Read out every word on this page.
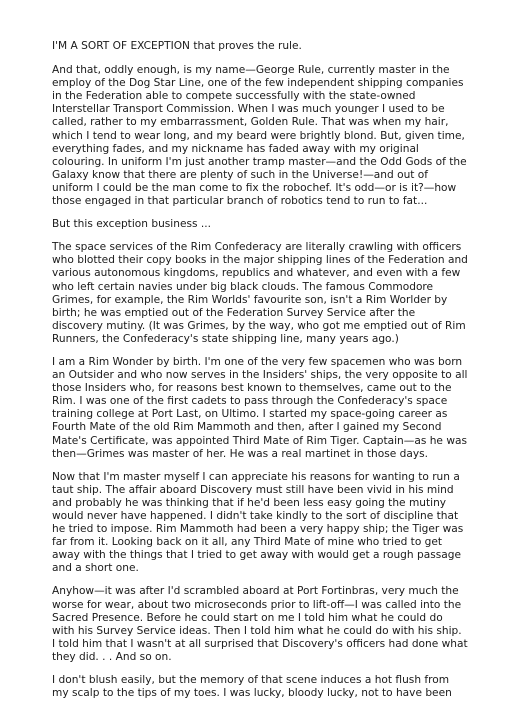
I'M A SORT OF EXCEPTION that proves the rule.

And that, oddly enough, is my name—George Rule, currently master in the employ of the Dog Star Line, one of the few independent shipping companies in the Federation able to compete successfully with the state-owned Interstellar Transport Commission. When I was much younger I used to be called, rather to my embarrassment, Golden Rule. That was when my hair, which I tend to wear long, and my beard were brightly blond. But, given time, everything fades, and my nickname has faded away with my original colouring. In uniform I'm just another tramp master—and the Odd Gods of the Galaxy know that there are plenty of such in the Universe!—and out of uniform I could be the man come to fix the robochef. It's odd—or is it?—how those engaged in that particular branch of robotics tend to run to fat...

But this exception business ...

The space services of the Rim Confederacy are literally crawling with officers who blotted their copy books in the major shipping lines of the Federation and various autonomous kingdoms, republics and whatever, and even with a few who left certain navies under big black clouds. The famous Commodore Grimes, for example, the Rim Worlds' favourite son, isn't a Rim Worlder by birth; he was emptied out of the Federation Survey Service after the discovery mutiny. (It was Grimes, by the way, who got me emptied out of Rim Runners, the Confederacy's state shipping line, many years ago.)

I am a Rim Wonder by birth. I'm one of the very few spacemen who was born an Outsider and who now serves in the Insiders' ships, the very opposite to all those Insiders who, for reasons best known to themselves, came out to the Rim. I was one of the first cadets to pass through the Confederacy's space training college at Port Last, on Ultimo. I started my space-going career as Fourth Mate of the old Rim Mammoth and then, after I gained my Second Mate's Certificate, was appointed Third Mate of Rim Tiger. Captain—as he was then—Grimes was master of her. He was a real martinet in those days.

Now that I'm master myself I can appreciate his reasons for wanting to run a taut ship. The affair aboard Discovery must still have been vivid in his mind and probably he was thinking that if he'd been less easy going the mutiny would never have happened. I didn't take kindly to the sort of discipline that he tried to impose. Rim Mammoth had been a very happy ship; the Tiger was far from it. Looking back on it all, any Third Mate of mine who tried to get away with the things that I tried to get away with would get a rough passage and a short one.

Anyhow—it was after I'd scrambled aboard at Port Fortinbras, very much the worse for wear, about two microseconds prior to lift-off—I was called into the Sacred Presence. Before he could start on me I told him what he could do with his Survey Service ideas. Then I told him what he could do with his ship. I told him that I wasn't at all surprised that Discovery's officers had done what they did. . . And so on.

I don't blush easily, but the memory of that scene induces a hot flush from my scalp to the tips of my toes. I was lucky, bloody lucky, not to have been
